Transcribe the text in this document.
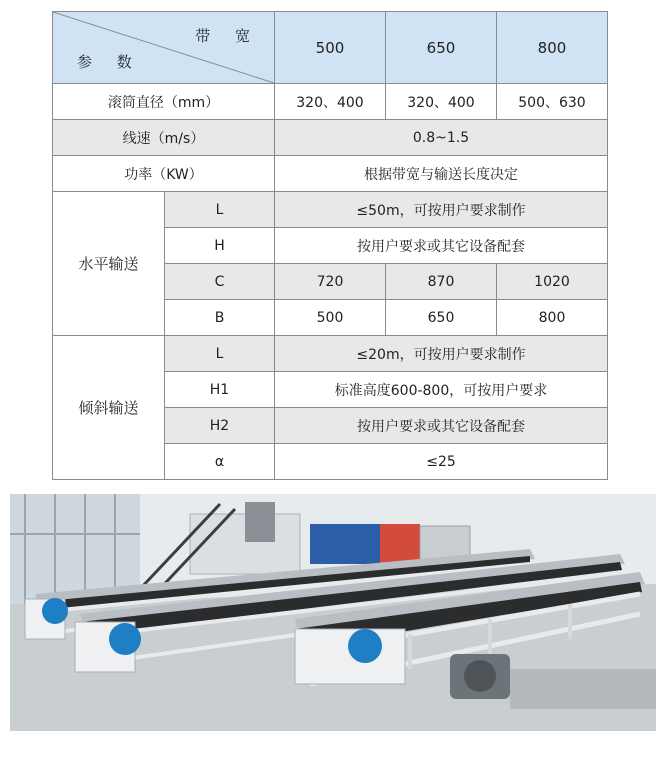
带 宽
参 数		500	650	800
滚筒直径（mm）		320、400	320、400	500、630
线速（m/s）		0.8~1.5		
功率（KW）		根据带宽与输送长度决定		
水平输送	L	≤50m，可按用户要求制作		
	H	按用户要求或其它设备配套		
	C	720	870	1020
	B	500	650	800
倾斜输送	L	≤20m，可按用户要求制作		
	H1	标准高度600-800，可按用户要求		
	H2	按用户要求或其它设备配套		
	α	≤25		
